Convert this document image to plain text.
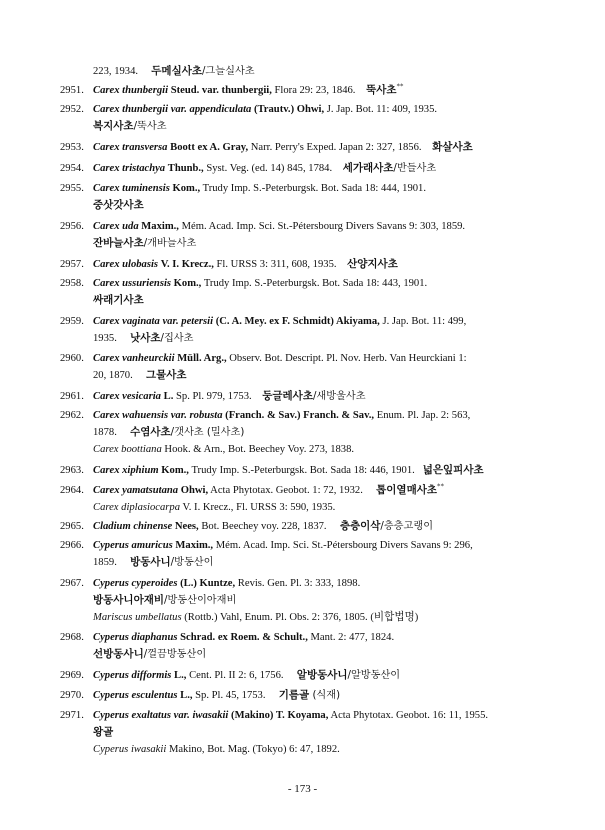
223, 1934. 두메실사초/그늘실사초
2951. Carex thunbergii Steud. var. thunbergii, Flora 29: 23, 1846. 뚝사초**
2952. Carex thunbergii var. appendiculata (Trautv.) Ohwi, J. Jap. Bot. 11: 409, 1935.
복지사초/뚝사초
2953. Carex transversa Boott ex A. Gray, Narr. Perry's Exped. Japan 2: 327, 1856. 화살사초
2954. Carex tristachya Thunb., Syst. Veg. (ed. 14) 845, 1784. 세가래사초/반들사초
2955. Carex tuminensis Kom., Trudy Imp. S.-Peterburgsk. Bot. Sada 18: 444, 1901.
중삿갓사초
2956. Carex uda Maxim., Mém. Acad. Imp. Sci. St.-Pétersbourg Divers Savans 9: 303, 1859.
잔바늘사초/개바늘사초
2957. Carex ulobasis V. I. Krecz., Fl. URSS 3: 311, 608, 1935. 산양지사초
2958. Carex ussuriensis Kom., Trudy Imp. S.-Peterburgsk. Bot. Sada 18: 443, 1901.
싸래기사초
2959. Carex vaginata var. petersii (C. A. Mey. ex F. Schmidt) Akiyama, J. Jap. Bot. 11: 499,
1935. 낫사초/집사초
2960. Carex vanheurckii Müll. Arg., Observ. Bot. Descript. Pl. Nov. Herb. Van Heurckiani 1:
20, 1870. 그물사초
2961. Carex vesicaria L. Sp. Pl. 979, 1753. 둥글레사초/새방울사초
2962. Carex wahuensis var. robusta (Franch. & Sav.) Franch. & Sav., Enum. Pl. Jap. 2: 563,
1878. 수염사초/갯사초 (밀사초)
Carex boottiana Hook. & Arn., Bot. Beechey Voy. 273, 1838.
2963. Carex xiphium Kom., Trudy Imp. S.-Peterburgsk. Bot. Sada 18: 446, 1901. 넓은잎피사초
2964. Carex yamatsutana Ohwi, Acta Phytotax. Geobot. 1: 72, 1932. 톱이열매사초**
Carex diplasiocarpa V. I. Krecz., Fl. URSS 3: 590, 1935.
2965. Cladium chinense Nees, Bot. Beechey voy. 228, 1837. 층층이삭/층층고랭이
2966. Cyperus amuricus Maxim., Mém. Acad. Imp. Sci. St.-Pétersbourg Divers Savans 9: 296,
1859. 방동사니/방동산이
2967. Cyperus cyperoides (L.) Kuntze, Revis. Gen. Pl. 3: 333, 1898.
방동사니아재비/방동산이아재비
Mariscus umbellatus (Rottb.) Vahl, Enum. Pl. Obs. 2: 376, 1805. (비합법명)
2968. Cyperus diaphanus Schrad. ex Roem. & Schult., Mant. 2: 477, 1824.
선방동사니/껄끔방동산이
2969. Cyperus difformis L., Cent. Pl. II 2: 6, 1756. 알방동사니/알방동산이
2970. Cyperus esculentus L., Sp. Pl. 45, 1753. 기름골 (식재)
2971. Cyperus exaltatus var. iwasakii (Makino) T. Koyama, Acta Phytotax. Geobot. 16: 11, 1955.
왕골
Cyperus iwasakii Makino, Bot. Mag. (Tokyo) 6: 47, 1892.
- 173 -
